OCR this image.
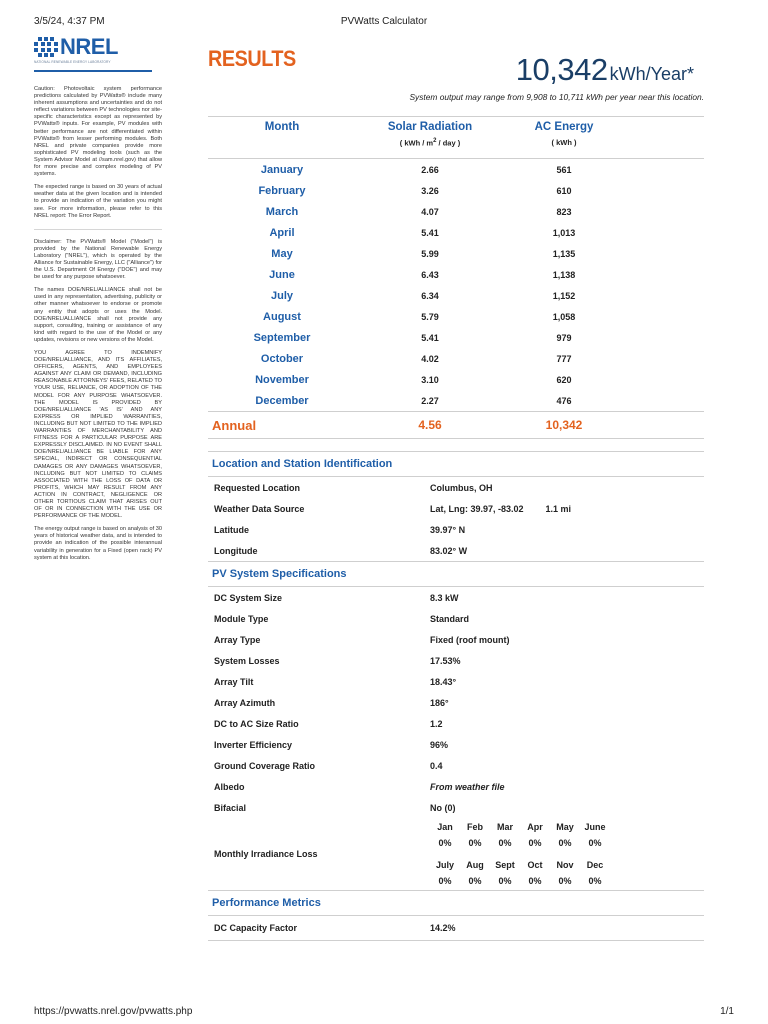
3/5/24, 4:37 PM	PVWatts Calculator
NREL
NATIONAL RENEWABLE ENERGY LABORATORY

Caution: Photovoltaic system performance predictions calculated by PVWatts® include many inherent assumptions and uncertainties and do not reflect variations between PV technologies nor site-specific characteristics except as represented by PVWatts® inputs. For example, PV modules with better performance are not differentiated within PVWatts® from lesser performing modules. Both NREL and private companies provide more sophisticated PV modeling tools (such as the System Advisor Model at //sam.nrel.gov) that allow for more precise and complex modeling of PV systems.

The expected range is based on 30 years of actual weather data at the given location and is intended to provide an indication of the variation you might see. For more information, please refer to this NREL report: The Error Report.

Disclaimer: The PVWatts® Model ("Model") is provided by the National Renewable Energy Laboratory ("NREL"), which is operated by the Alliance for Sustainable Energy, LLC ("Alliance") for the U.S. Department Of Energy ("DOE") and may be used for any purpose whatsoever.

The names DOE/NREL/ALLIANCE shall not be used in any representation, advertising, publicity or other manner whatsoever to endorse or promote any entity that adopts or uses the Model. DOE/NREL/ALLIANCE shall not provide any support, consulting, training or assistance of any kind with regard to the use of the Model or any updates, revisions or new versions of the Model.

YOU AGREE TO INDEMNIFY DOE/NREL/ALLIANCE, AND ITS AFFILIATES, OFFICERS, AGENTS, AND EMPLOYEES AGAINST ANY CLAIM OR DEMAND, INCLUDING REASONABLE ATTORNEYS' FEES, RELATED TO YOUR USE, RELIANCE, OR ADOPTION OF THE MODEL FOR ANY PURPOSE WHATSOEVER. THE MODEL IS PROVIDED BY DOE/NREL/ALLIANCE 'AS IS' AND ANY EXPRESS OR IMPLIED WARRANTIES, INCLUDING BUT NOT LIMITED TO THE IMPLIED WARRANTIES OF MERCHANTABILITY AND FITNESS FOR A PARTICULAR PURPOSE ARE EXPRESSLY DISCLAIMED. IN NO EVENT SHALL DOE/NREL/ALLIANCE BE LIABLE FOR ANY SPECIAL, INDIRECT OR CONSEQUENTIAL DAMAGES OR ANY DAMAGES WHATSOEVER, INCLUDING BUT NOT LIMITED TO CLAIMS ASSOCIATED WITH THE LOSS OF DATA OR PROFITS, WHICH MAY RESULT FROM ANY ACTION IN CONTRACT, NEGLIGENCE OR OTHER TORTIOUS CLAIM THAT ARISES OUT OF OR IN CONNECTION WITH THE USE OR PERFORMANCE OF THE MODEL.

The energy output range is based on analysis of 30 years of historical weather data, and is intended to provide an indication of the possible interannual variability in generation for a Fixed (open rack) PV system at this location.

RESULTS	10,342 kWh/Year*
System output may range from 9,908 to 10,711 kWh per year near this location.
Month	Solar Radiation
( kWh / $m^2$ / day )
AC Energy
( kWh )
January	2.66	561
February	3.26	610
March	4.07	823
April	5.41	1,013
May	5.99	1,135
June	6.43	1,138
July	6.34	1,152
August	5.79	1,058
September	5.41	979
October	4.02	777
November	3.10	620
December	2.27	476
Annual	4.56	10,342
Location and Station Identification
Requested Location	Columbus, OH
Weather Data Source	Lat, Lng: 39.97, -83.02 1.1 mi
Latitude	39.97° N
Longitude	83.02° W
PV System Specifications
DC System Size	8.3 kW
Module Type	Standard
Array Type	Fixed (roof mount)
System Losses	17.53%
Array Tilt	18.43°
Array Azimuth	186°
DC to AC Size Ratio	1.2
Inverter Efficiency	96%
Ground Coverage Ratio	0.4
Albedo	From weather file
Bifacial	No (0)
Monthly Irradiance Loss
Jan	Feb	Mar	Apr	May	June
0%	0%	0%	0%	0%	0%
July	Aug	Sept	Oct	Nov	Dec
0%	0%	0%	0%	0%	0%
Performance Metrics
DC Capacity Factor	14.2%
https://pvwatts.nrel.gov/pvwatts.php	1/1
